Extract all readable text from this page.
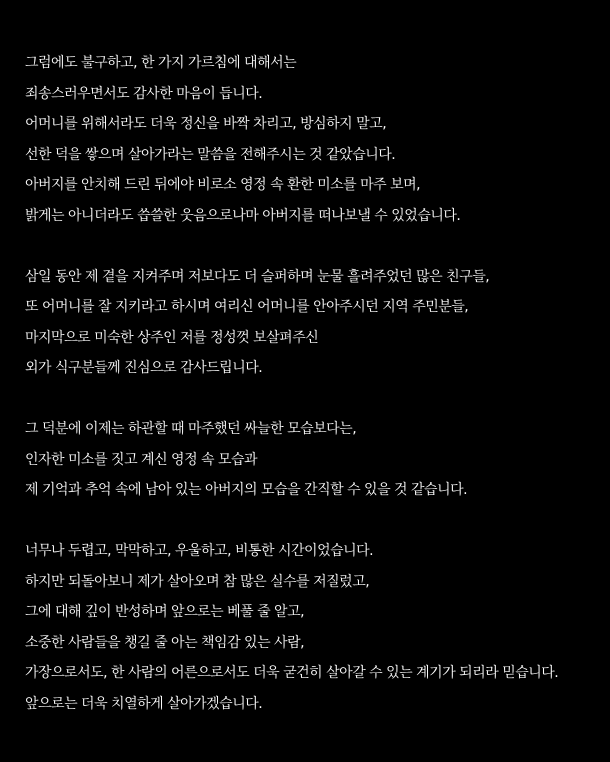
그럼에도 불구하고, 한 가지 가르침에 대해서는
죄송스러우면서도 감사한 마음이 듭니다.
어머니를 위해서라도 더욱 정신을 바짝 차리고, 방심하지 말고,
선한 덕을 쌓으며 살아가라는 말씀을 전해주시는 것 같았습니다.
아버지를 안치해 드린 뒤에야 비로소 영정 속 환한 미소를 마주 보며,
밝게는 아니더라도 씁쓸한 웃음으로나마 아버지를 떠나보낼 수 있었습니다.

삼일 동안 제 곁을 지켜주며 저보다도 더 슬퍼하며 눈물 흘려주었던 많은 친구들,
또 어머니를 잘 지키라고 하시며 여리신 어머니를 안아주시던 지역 주민분들,
마지막으로 미숙한 상주인 저를 정성껏 보살펴주신
외가 식구분들께 진심으로 감사드립니다.

그 덕분에 이제는 하관할 때 마주했던 싸늘한 모습보다는,
인자한 미소를 짓고 계신 영정 속 모습과
제 기억과 추억 속에 남아 있는 아버지의 모습을 간직할 수 있을 것 같습니다.

너무나 두렵고, 막막하고, 우울하고, 비통한 시간이었습니다.
하지만 되돌아보니 제가 살아오며 참 많은 실수를 저질렀고,
그에 대해 깊이 반성하며 앞으로는 베풀 줄 알고,
소중한 사람들을 챙길 줄 아는 책임감 있는 사람,
가장으로서도, 한 사람의 어른으로서도 더욱 굳건히 살아갈 수 있는 계기가 되리라 믿습니다.
앞으로는 더욱 치열하게 살아가겠습니다.
